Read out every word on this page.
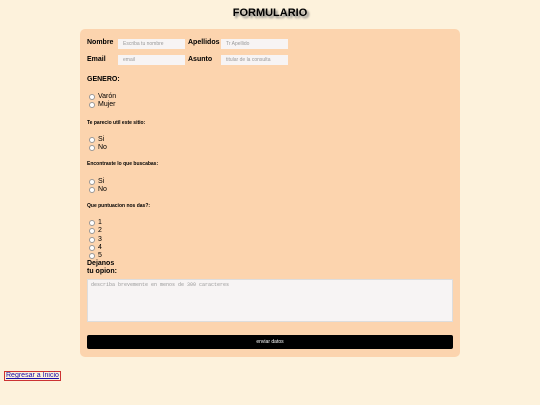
FORMULARIO
Nombre
Escriba tu nombre	Apellidos
Tr Apellido
Email
email	Asunto
titular de la consulta
GENERO:
Varón
Mujer
Te parecio util este sitio:
Si
No
Encontraste lo que buscabas:
Si
No
Que puntuacion nos das?:
1
2
3
4
5
Dejanos
tu opion:
describa brevemente en menos de 300 caracteres
enviar datos
Regresar a Inicio
